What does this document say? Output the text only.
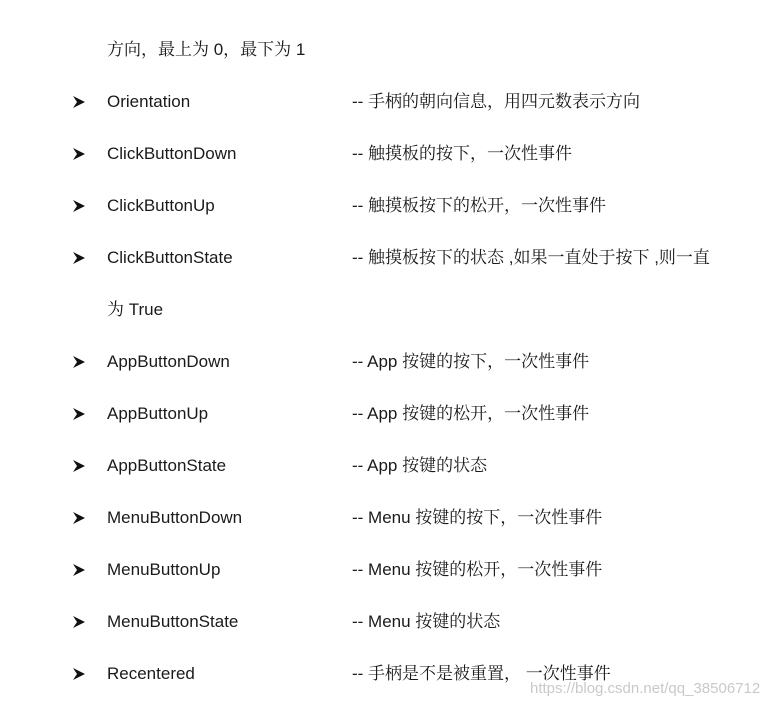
方向，最上为 0，最下为 1
Orientation	-- 手柄的朝向信息，用四元数表示方向
ClickButtonDown	-- 触摸板的按下，一次性事件
ClickButtonUp	-- 触摸板按下的松开，一次性事件
ClickButtonState	-- 触摸板按下的状态 ,如果一直处于按下 ,则一直
为 True
AppButtonDown	-- App 按键的按下，一次性事件
AppButtonUp	-- App 按键的松开，一次性事件
AppButtonState	-- App 按键的状态
MenuButtonDown	-- Menu 按键的按下，一次性事件
MenuButtonUp	-- Menu 按键的松开，一次性事件
MenuButtonState	-- Menu 按键的状态
Recentered	-- 手柄是不是被重置， 一次性事件
https://blog.csdn.net/qq_38506712
